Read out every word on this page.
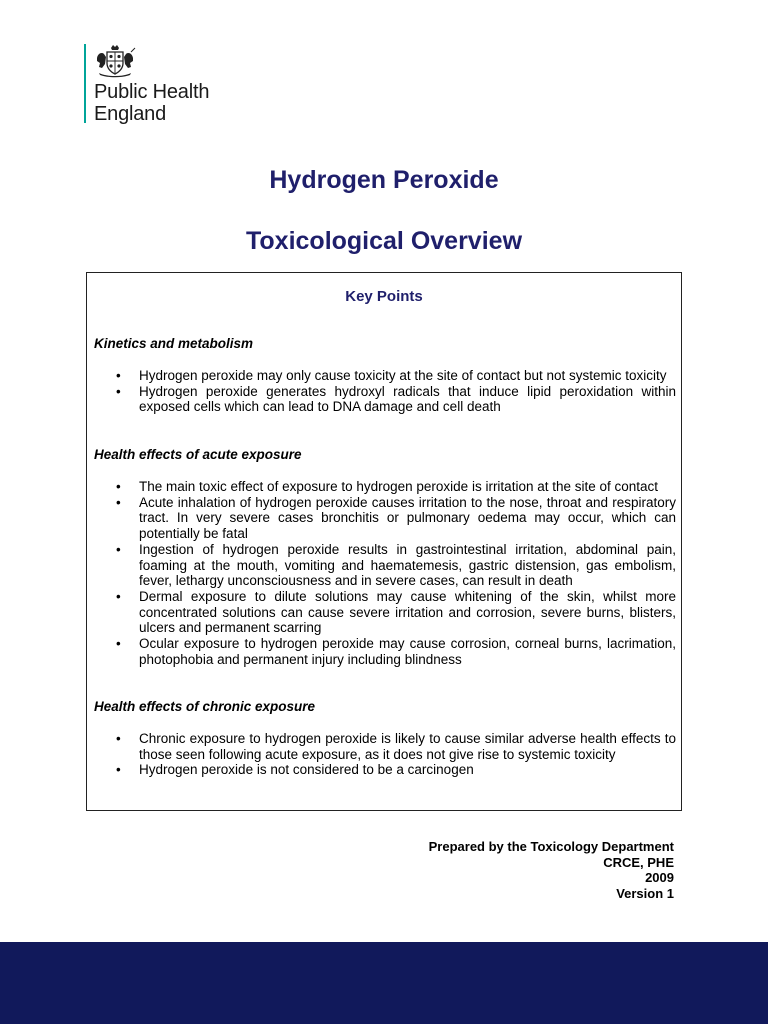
Public Health
England
Hydrogen Peroxide
Toxicological Overview
Key Points
Kinetics and metabolism
• Hydrogen peroxide may only cause toxicity at the site of contact but not systemic toxicity
• Hydrogen peroxide generates hydroxyl radicals that induce lipid peroxidation within exposed cells which can lead to DNA damage and cell death
Health effects of acute exposure
• The main toxic effect of exposure to hydrogen peroxide is irritation at the site of contact
• Acute inhalation of hydrogen peroxide causes irritation to the nose, throat and respiratory tract. In very severe cases bronchitis or pulmonary oedema may occur, which can potentially be fatal
• Ingestion of hydrogen peroxide results in gastrointestinal irritation, abdominal pain, foaming at the mouth, vomiting and haematemesis, gastric distension, gas embolism, fever, lethargy unconsciousness and in severe cases, can result in death
• Dermal exposure to dilute solutions may cause whitening of the skin, whilst more concentrated solutions can cause severe irritation and corrosion, severe burns, blisters, ulcers and permanent scarring
• Ocular exposure to hydrogen peroxide may cause corrosion, corneal burns, lacrimation, photophobia and permanent injury including blindness
Health effects of chronic exposure
• Chronic exposure to hydrogen peroxide is likely to cause similar adverse health effects to those seen following acute exposure, as it does not give rise to systemic toxicity
• Hydrogen peroxide is not considered to be a carcinogen
Prepared by the Toxicology Department
CRCE, PHE
2009
Version 1
